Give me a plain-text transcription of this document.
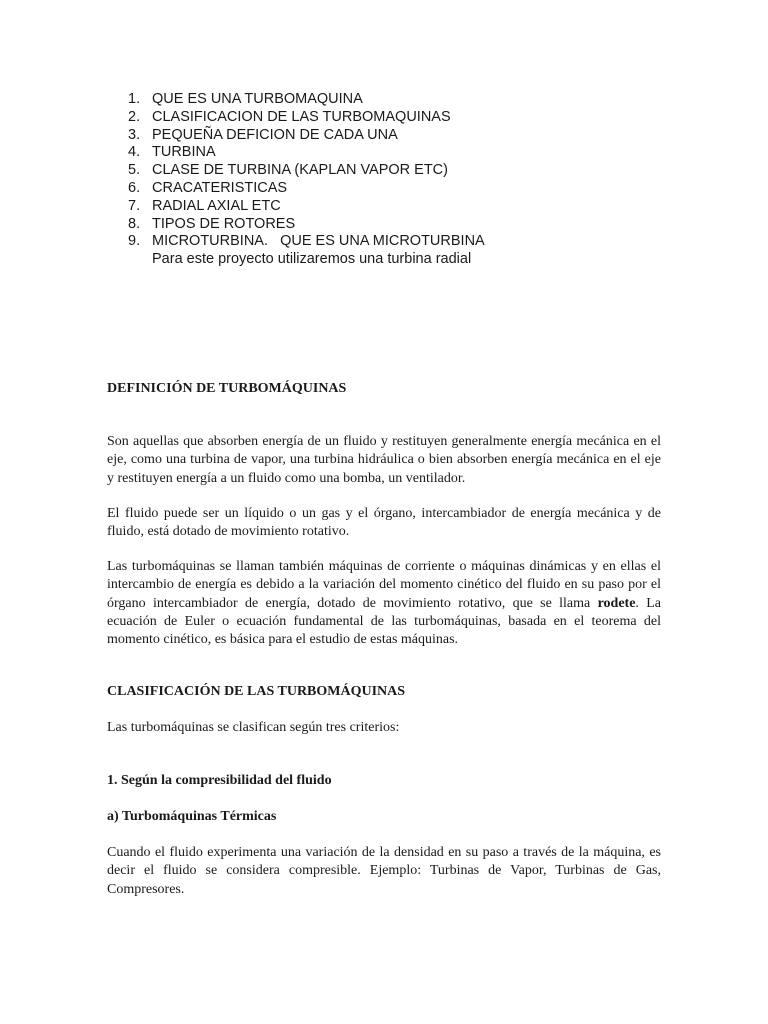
1. QUE ES UNA TURBOMAQUINA
2. CLASIFICACION DE LAS TURBOMAQUINAS
3. PEQUEÑA DEFICION DE CADA UNA
4. TURBINA
5. CLASE DE TURBINA (KAPLAN VAPOR ETC)
6. CRACATERISTICAS
7. RADIAL AXIAL ETC
8. TIPOS DE ROTORES
9. MICROTURBINA.   QUE ES UNA MICROTURBINA
Para este proyecto utilizaremos una turbina radial
DEFINICIÓN DE TURBOMÁQUINAS

Son aquellas que absorben energía de un fluido y restituyen generalmente energía mecánica en el eje, como una turbina de vapor, una turbina hidráulica o bien absorben energía mecánica en el eje y restituyen energía a un fluido como una bomba, un ventilador.

El fluido puede ser un líquido o un gas y el órgano, intercambiador de energía mecánica y de fluido, está dotado de movimiento rotativo.

Las turbomáquinas se llaman también máquinas de corriente o máquinas dinámicas y en ellas el intercambio de energía es debido a la variación del momento cinético del fluido en su paso por el órgano intercambiador de energía, dotado de movimiento rotativo, que se llama rodete. La ecuación de Euler o ecuación fundamental de las turbomáquinas, basada en el teorema del momento cinético, es básica para el estudio de estas máquinas.

CLASIFICACIÓN DE LAS TURBOMÁQUINAS

Las turbomáquinas se clasifican según tres criterios:

1. Según la compresibilidad del fluido
a) Turbomáquinas Térmicas

Cuando el fluido experimenta una variación de la densidad en su paso a través de la máquina, es decir el fluido se considera compresible. Ejemplo: Turbinas de Vapor, Turbinas de Gas, Compresores.
